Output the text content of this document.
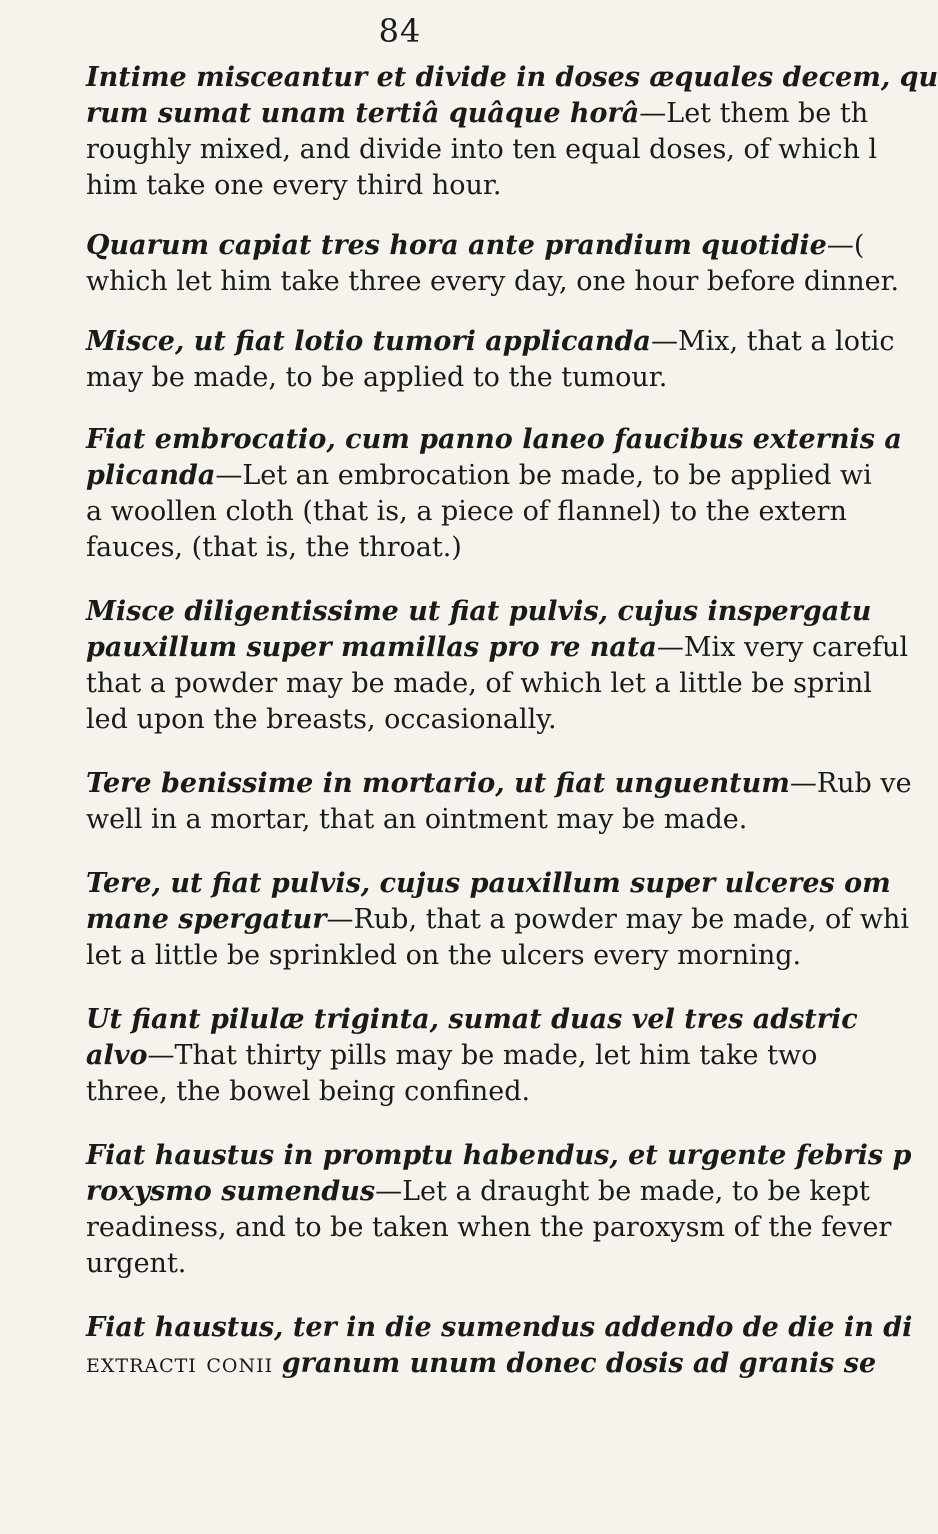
84
Intime misceantur et divide in doses æquales decem, qu
rum sumat unam tertiâ quâque horâ—Let them be th
roughly mixed, and divide into ten equal doses, of which l
him take one every third hour.
Quarum capiat tres hora ante prandium quotidie—(
which let him take three every day, one hour before dinner.
Misce, ut fiat lotio tumori applicanda—Mix, that a lotic
may be made, to be applied to the tumour.
Fiat embrocatio, cum panno laneo faucibus externis a
plicanda—Let an embrocation be made, to be applied wi
a woollen cloth (that is, a piece of flannel) to the extern
fauces, (that is, the throat.)
Misce diligentissime ut fiat pulvis, cujus inspergatu
pauxillum super mamillas pro re nata—Mix very careful
that a powder may be made, of which let a little be sprinl
led upon the breasts, occasionally.
Tere benissime in mortario, ut fiat unguentum—Rub ve
well in a mortar, that an ointment may be made.
Tere, ut fiat pulvis, cujus pauxillum super ulceres om
mane spergatur—Rub, that a powder may be made, of whi
let a little be sprinkled on the ulcers every morning.
Ut fiant pilulæ triginta, sumat duas vel tres adstric
alvo—That thirty pills may be made, let him take two
three, the bowel being confined.
Fiat haustus in promptu habendus, et urgente febris p
roxysmo sumendus—Let a draught be made, to be kept
readiness, and to be taken when the paroxysm of the fever
urgent.
Fiat haustus, ter in die sumendus addendo de die in di
extracti conii granum unum donec dosis ad granis se
